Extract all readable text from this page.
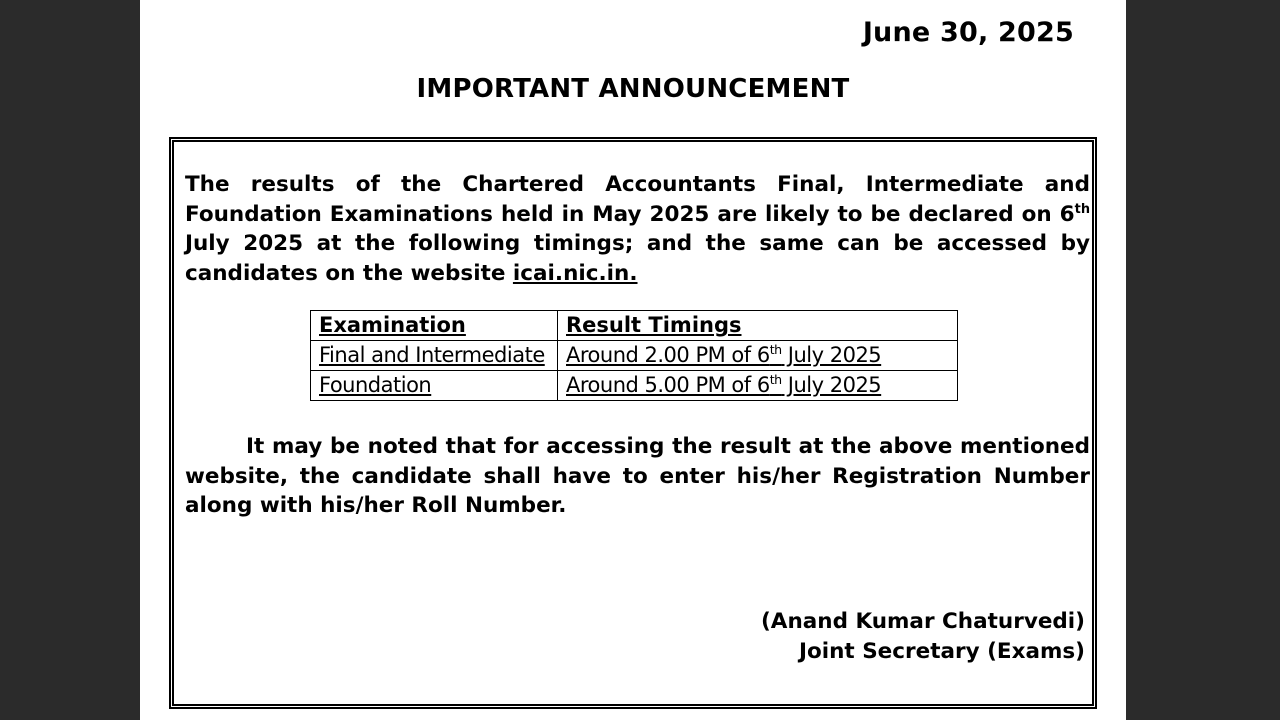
June 30, 2025
IMPORTANT ANNOUNCEMENT
The results of the Chartered Accountants Final, Intermediate and Foundation Examinations held in May 2025 are likely to be declared on 6th July 2025 at the following timings; and the same can be accessed by candidates on the website icai.nic.in.
Examination	Result Timings
Final and Intermediate	Around 2.00 PM of 6th July 2025
Foundation	Around 5.00 PM of 6th July 2025
It may be noted that for accessing the result at the above mentioned website, the candidate shall have to enter his/her Registration Number along with his/her Roll Number.
(Anand Kumar Chaturvedi)
Joint Secretary (Exams)
